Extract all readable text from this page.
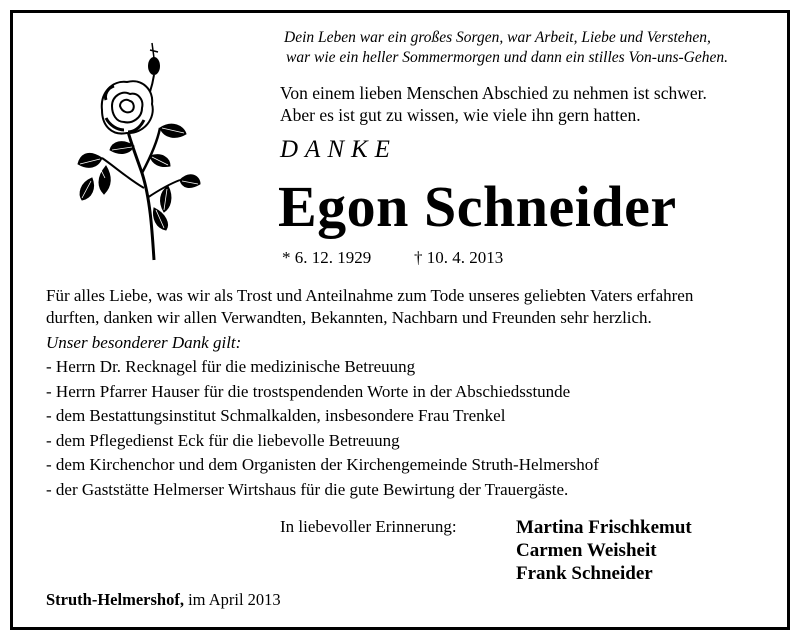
Dein Leben war ein großes Sorgen, war Arbeit, Liebe und Verstehen,
war wie ein heller Sommermorgen und dann ein stilles Von-uns-Gehen.
Von einem lieben Menschen Abschied zu nehmen ist schwer.
Aber es ist gut zu wissen, wie viele ihn gern hatten.
DANKE
Egon Schneider
* 6. 12. 1929	† 10. 4. 2013
Für alles Liebe, was wir als Trost und Anteilnahme zum Tode unseres geliebten Vaters erfahren
durften, danken wir allen Verwandten, Bekannten, Nachbarn und Freunden sehr herzlich.
Unser besonderer Dank gilt:
- Herrn Dr. Recknagel für die medizinische Betreuung
- Herrn Pfarrer Hauser für die trostspendenden Worte in der Abschiedsstunde
- dem Bestattungsinstitut Schmalkalden, insbesondere Frau Trenkel
- dem Pflegedienst Eck für die liebevolle Betreuung
- dem Kirchenchor und dem Organisten der Kirchengemeinde Struth-Helmershof
- der Gaststätte Helmerser Wirtshaus für die gute Bewirtung der Trauergäste.
In liebevoller Erinnerung:	Martina Frischkemut
Carmen Weisheit
Frank Schneider
Struth-Helmershof, im April 2013
